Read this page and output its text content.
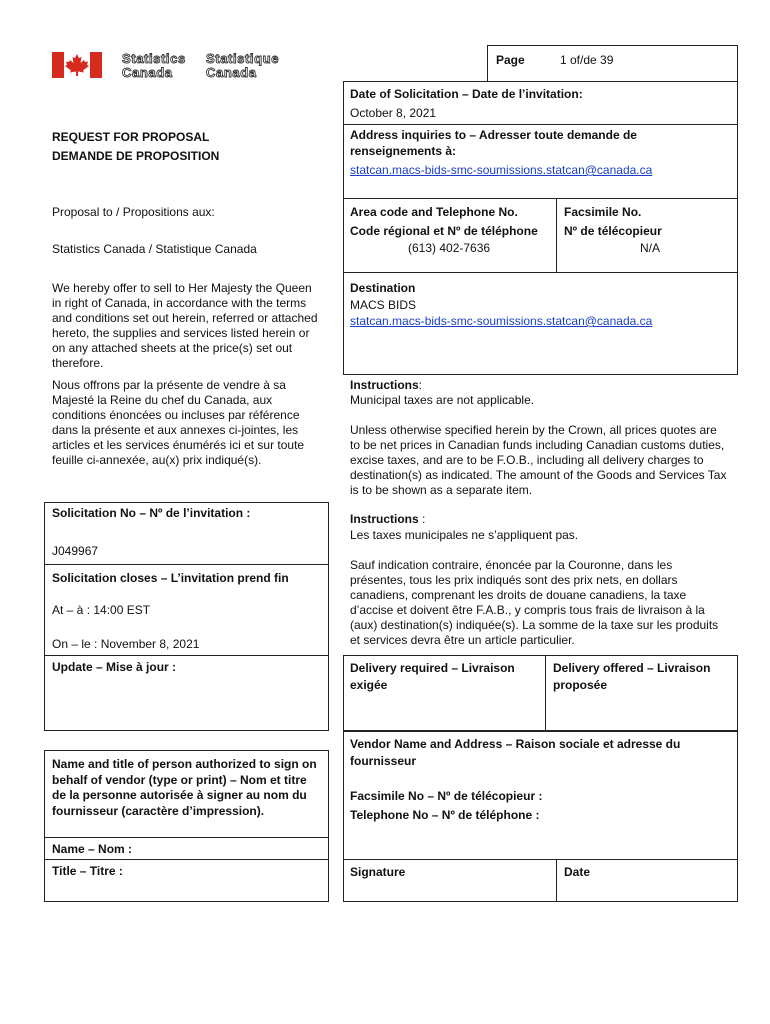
Statistics
Canada
Statistique
Canada
Page	1 of/de 39
Date of Solicitation – Date de l’invitation:
October 8, 2021
Address inquiries to – Adresser toute demande de renseignements à:
statcan.macs-bids-smc-soumissions.statcan@canada.ca
Area code and Telephone No.
Code régional et Nº de téléphone
(613) 402-7636
Facsimile No.
Nº de télécopieur
N/A
Destination
MACS BIDS
statcan.macs-bids-smc-soumissions.statcan@canada.ca
Instructions:
Municipal taxes are not applicable.

Unless otherwise specified herein by the Crown, all prices quotes are to be net prices in Canadian funds including Canadian customs duties, excise taxes, and are to be F.O.B., including all delivery charges to destination(s) as indicated. The amount of the Goods and Services Tax is to be shown as a separate item.

Instructions :
Les taxes municipales ne s’appliquent pas.

Sauf indication contraire, énoncée par la Couronne, dans les présentes, tous les prix indiqués sont des prix nets, en dollars canadiens, comprenant les droits de douane canadiens, la taxe d’accise et doivent être F.A.B., y compris tous frais de livraison à la (aux) destination(s) indiquée(s). La somme de la taxe sur les produits et services devra être un article particulier.

Delivery required – Livraison exigée
Delivery offered – Livraison proposée
Vendor Name and Address – Raison sociale et adresse du fournisseur
Facsimile No – Nº de télécopieur :
Telephone No – Nº de téléphone :
Signature	Date
REQUEST FOR PROPOSAL
DEMANDE DE PROPOSITION
Proposal to / Propositions aux:
Statistics Canada / Statistique Canada

We hereby offer to sell to Her Majesty the Queen in right of Canada, in accordance with the terms and conditions set out herein, referred or attached hereto, the supplies and services listed herein or on any attached sheets at the price(s) set out therefore.

Nous offrons par la présente de vendre à sa Majesté la Reine du chef du Canada, aux conditions énoncées ou incluses par référence dans la présente et aux annexes ci-jointes, les articles et les services énumérés ici et sur toute feuille ci-annexée, au(x) prix indiqué(s).

Solicitation No – Nº de l’invitation :
J049967
Solicitation closes – L’invitation prend fin
At – à : 14:00 EST
On – le : November 8, 2021
Update – Mise à jour :
Name and title of person authorized to sign on behalf of vendor (type or print) – Nom et titre de la personne autorisée à signer au nom du fournisseur (caractère d’impression).
Name – Nom :
Title – Titre :
